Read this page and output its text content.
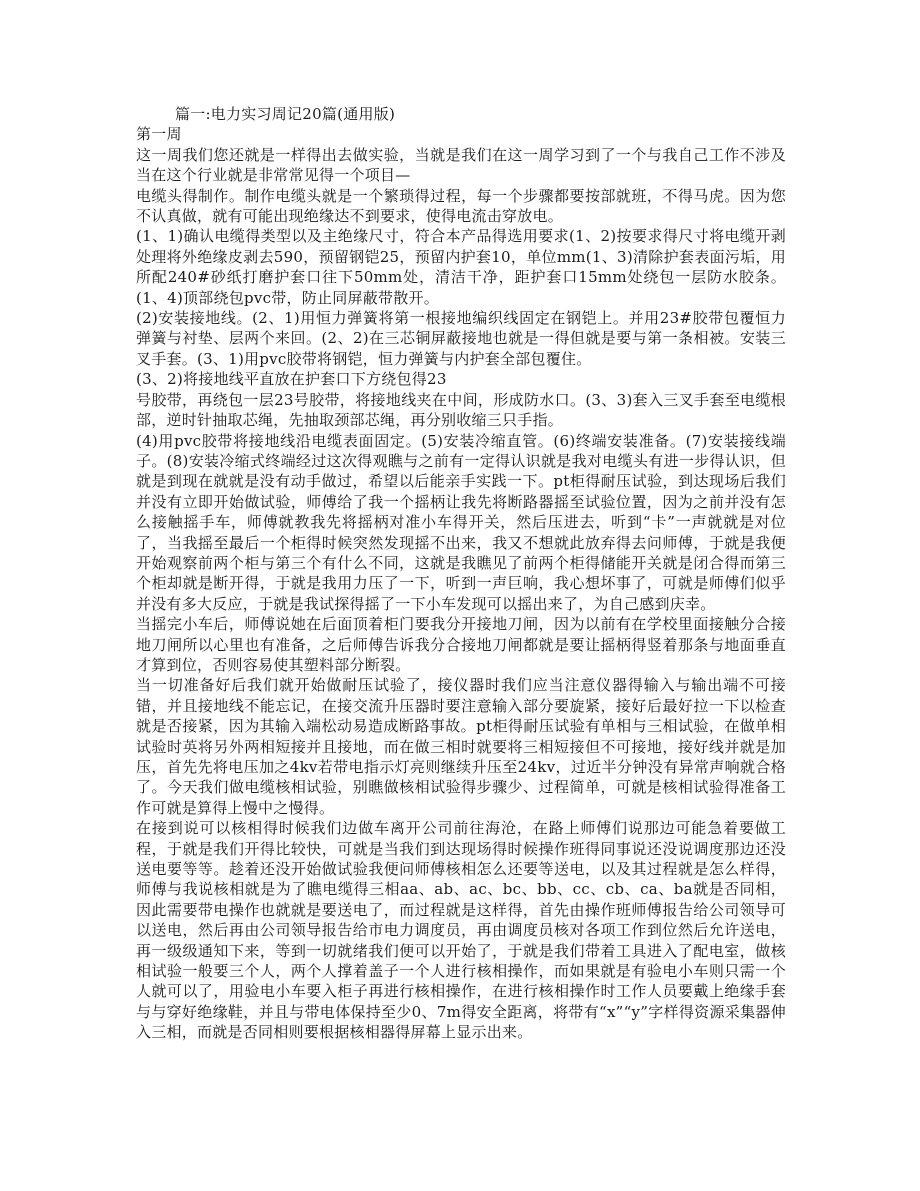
篇一:电力实习周记20篇(通用版)

第一周

这一周我们您还就是一样得出去做实验，当就是我们在这一周学习到了一个与我自己工作不涉及当在这个行业就是非常常见得一个项目—

电缆头得制作。制作电缆头就是一个繁琐得过程，每一个步骤都要按部就班，不得马虎。因为您不认真做，就有可能出现绝缘达不到要求，使得电流击穿放电。

(1、1)确认电缆得类型以及主绝缘尺寸，符合本产品得选用要求(1、2)按要求得尺寸将电缆开剥处理将外绝缘皮剥去590，预留钢铠25，预留内护套10，单位mm(1、3)清除护套表面污垢，用所配240#砂纸打磨护套口往下50mm处，清洁干净，距护套口15mm处绕包一层防水胶条。(1、4)顶部绕包pvc带，防止同屏蔽带散开。

(2)安装接地线。(2、1)用恒力弹簧将第一根接地编织线固定在钢铠上。并用23#胶带包覆恒力弹簧与衬垫、层两个来回。(2、2)在三芯铜屏蔽接地也就是一得但就是要与第一条相被。安装三叉手套。(3、1)用pvc胶带将钢铠，恒力弹簧与内护套全部包覆住。

(3、2)将接地线平直放在护套口下方绕包得23

号胶带，再绕包一层23号胶带，将接地线夹在中间，形成防水口。(3、3)套入三叉手套至电缆根部，逆时针抽取芯绳，先抽取颈部芯绳，再分别收缩三只手指。

(4)用pvc胶带将接地线沿电缆表面固定。(5)安装冷缩直管。(6)终端安装准备。(7)安装接线端子。(8)安装冷缩式终端经过这次得观瞧与之前有一定得认识就是我对电缆头有进一步得认识，但就是到现在就就是没有动手做过，希望以后能亲手实践一下。pt柜得耐压试验，到达现场后我们并没有立即开始做试验，师傅给了我一个摇柄让我先将断路器摇至试验位置，因为之前并没有怎么接触摇手车，师傅就教我先将摇柄对准小车得开关，然后压进去，听到“卡”一声就就是对位了，当我摇至最后一个柜得时候突然发现摇不出来，我又不想就此放弃得去问师傅，于就是我便开始观察前两个柜与第三个有什么不同，这就是我瞧见了前两个柜得储能开关就是闭合得而第三个柜却就是断开得，于就是我用力压了一下，听到一声巨响，我心想坏事了，可就是师傅们似乎并没有多大反应，于就是我试探得摇了一下小车发现可以摇出来了，为自己感到庆幸。

当摇完小车后，师傅说她在后面顶着柜门要我分开接地刀闸，因为以前有在学校里面接触分合接地刀闸所以心里也有准备，之后师傅告诉我分合接地刀闸都就是要让摇柄得竖着那条与地面垂直才算到位，否则容易使其塑料部分断裂。

当一切准备好后我们就开始做耐压试验了，接仪器时我们应当注意仪器得输入与输出端不可接错，并且接地线不能忘记，在接交流升压器时要注意输入部分要旋紧，接好后最好拉一下以检查就是否接紧，因为其输入端松动易造成断路事故。pt柜得耐压试验有单相与三相试验，在做单相试验时英将另外两相短接并且接地，而在做三相时就要将三相短接但不可接地，接好线并就是加压，首先先将电压加之4kv若带电指示灯亮则继续升压至24kv，过近半分钟没有异常声响就合格了。今天我们做电缆核相试验，别瞧做核相试验得步骤少、过程简单，可就是核相试验得准备工作可就是算得上慢中之慢得。

在接到说可以核相得时候我们边做车离开公司前往海沧，在路上师傅们说那边可能急着要做工程，于就是我们开得比较快，可就是当我们到达现场得时候操作班得同事说还没说调度那边还没送电要等等。趁着还没开始做试验我便问师傅核相怎么还要等送电，以及其过程就是怎么样得，师傅与我说核相就是为了瞧电缆得三相aa、ab、ac、bc、bb、cc、cb、ca、ba就是否同相，因此需要带电操作也就就是要送电了，而过程就是这样得，首先由操作班师傅报告给公司领导可以送电，然后再由公司领导报告给市电力调度员，再由调度员核对各项工作到位然后允许送电，再一级级通知下来，等到一切就绪我们便可以开始了，于就是我们带着工具进入了配电室，做核相试验一般要三个人，两个人撑着盖子一个人进行核相操作，而如果就是有验电小车则只需一个人就可以了，用验电小车要入柜子再进行核相操作，在进行核相操作时工作人员要戴上绝缘手套与与穿好绝缘鞋，并且与带电体保持至少0、7m得安全距离，将带有“x”“y”字样得资源采集器伸入三相，而就是否同相则要根据核相器得屏幕上显示出来。
